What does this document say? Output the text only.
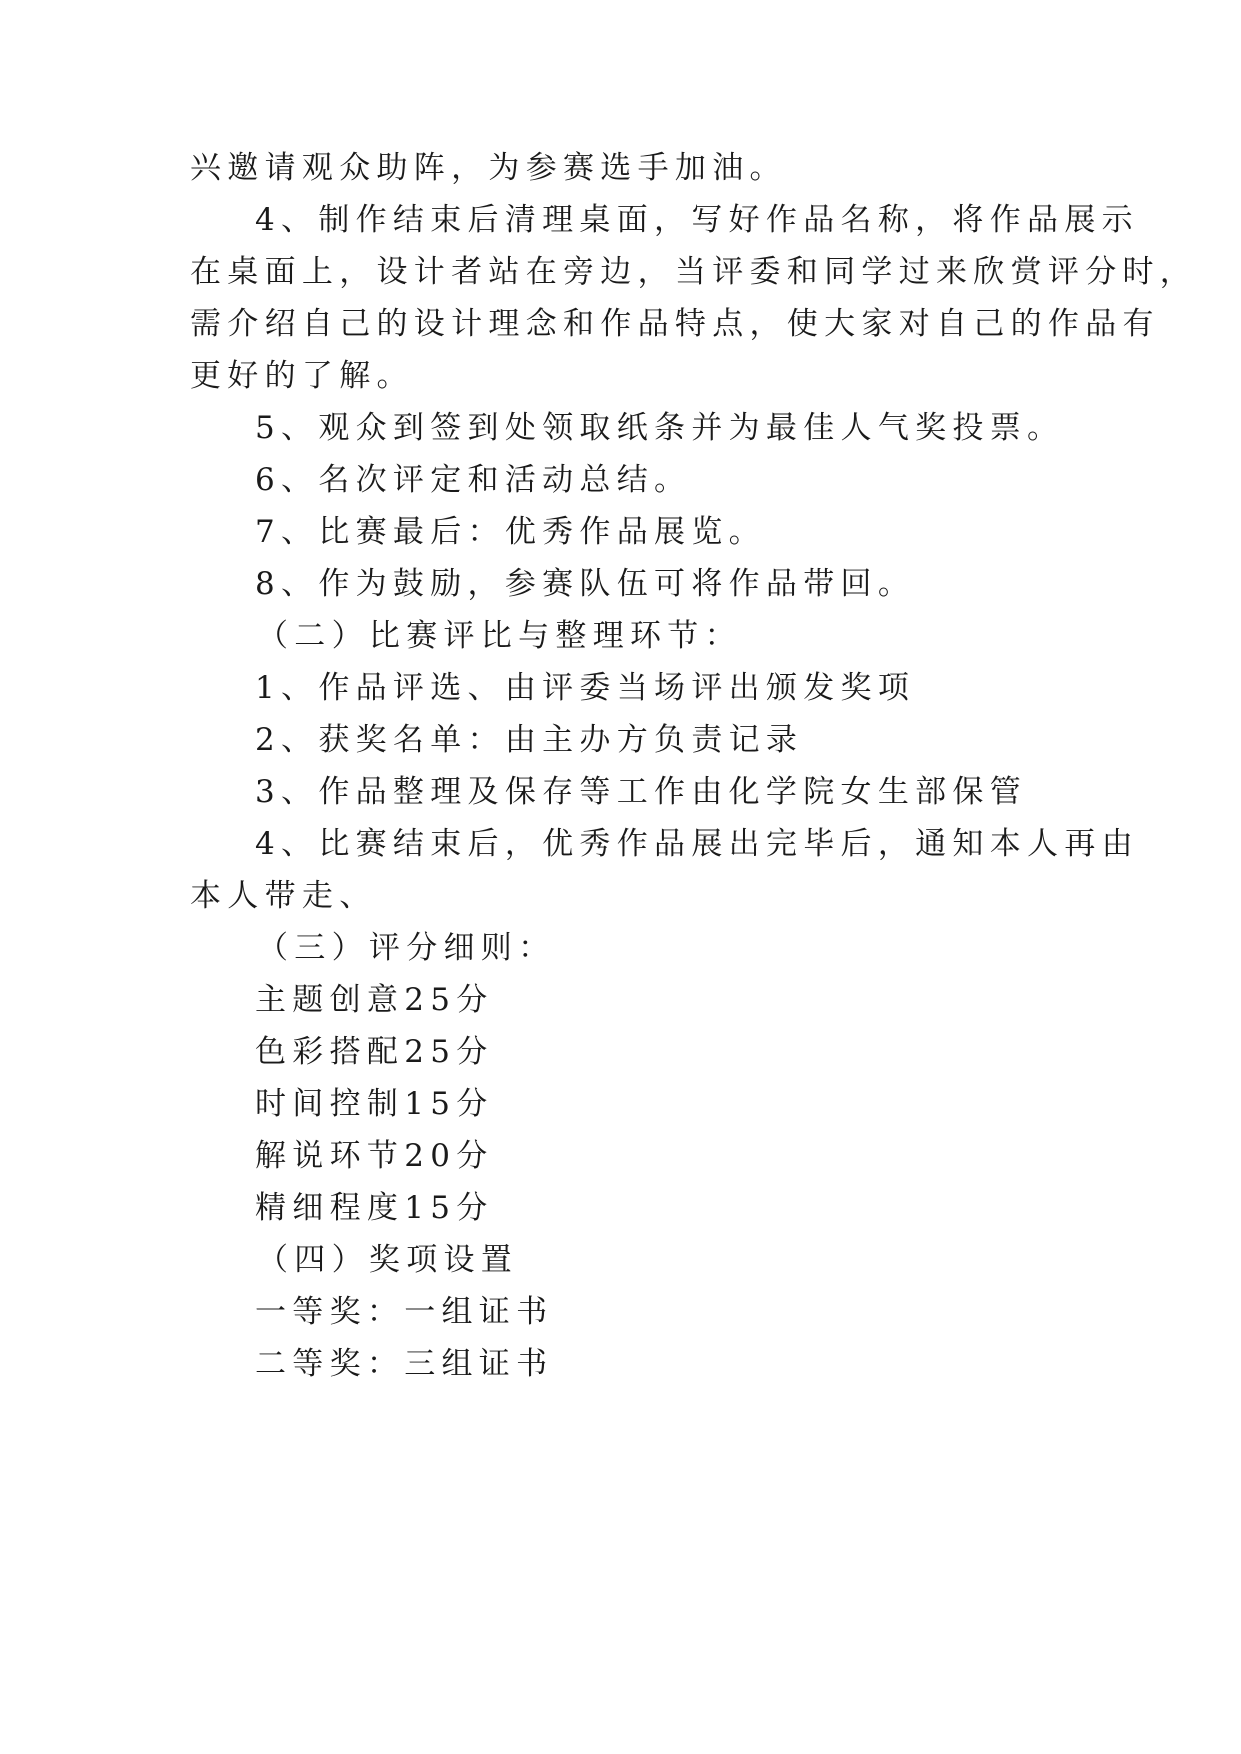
兴邀请观众助阵，为参赛选手加油。
4、制作结束后清理桌面，写好作品名称，将作品展示
在桌面上，设计者站在旁边，当评委和同学过来欣赏评分时，
需介绍自己的设计理念和作品特点，使大家对自己的作品有
更好的了解。
5、观众到签到处领取纸条并为最佳人气奖投票。
6、名次评定和活动总结。
7、比赛最后：优秀作品展览。
8、作为鼓励，参赛队伍可将作品带回。
（二）比赛评比与整理环节：
1、作品评选、由评委当场评出颁发奖项
2、获奖名单：由主办方负责记录
3、作品整理及保存等工作由化学院女生部保管
4、比赛结束后，优秀作品展出完毕后，通知本人再由
本人带走、
（三）评分细则：
主题创意25分
色彩搭配25分
时间控制15分
解说环节20分
精细程度15分
（四）奖项设置
一等奖：一组证书
二等奖：三组证书
